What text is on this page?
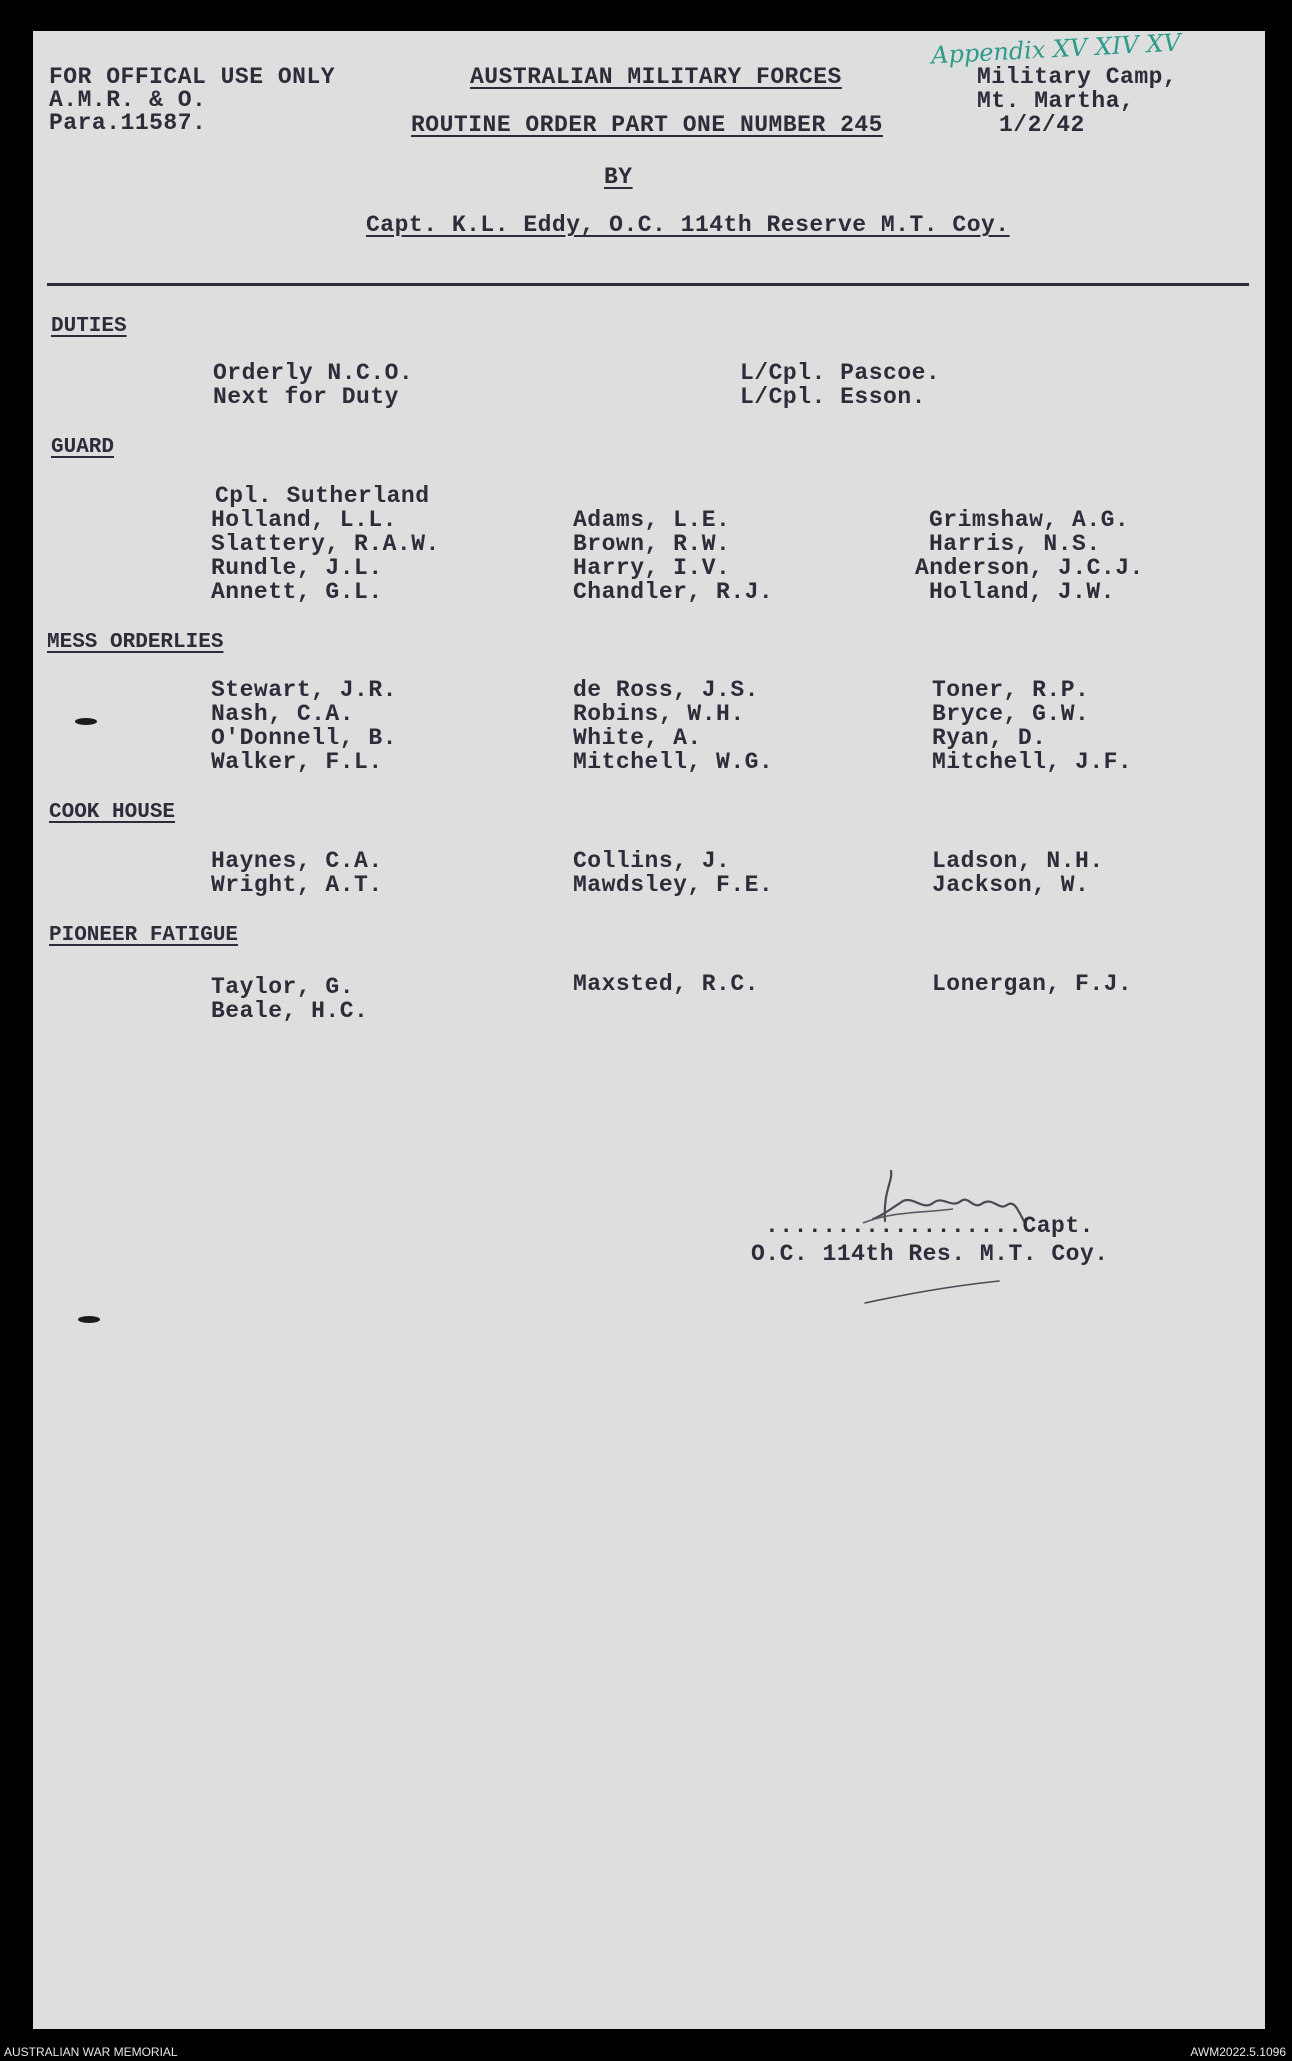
FOR OFFICAL USE ONLY
A.M.R. & O.
Para.11587.
AUSTRALIAN MILITARY FORCES
ROUTINE ORDER PART ONE NUMBER 245
BY
Capt. K.L. Eddy, O.C. 114th Reserve M.T. Coy.
Military Camp,
Mt. Martha,
1/2/42
Appendix XV XIV XV
DUTIES
Orderly N.C.O.
Next for Duty
L/Cpl. Pascoe.
L/Cpl. Esson.
GUARD
Cpl. Sutherland
Holland, L.L.
Slattery, R.A.W.
Rundle, J.L.
Annett, G.L.
Adams, L.E.
Brown, R.W.
Harry, I.V.
Chandler, R.J.
Grimshaw, A.G.
Harris, N.S.
Anderson, J.C.J.
Holland, J.W.
MESS ORDERLIES
Stewart, J.R.
Nash, C.A.
O'Donnell, B.
Walker, F.L.
de Ross, J.S.
Robins, W.H.
White, A.
Mitchell, W.G.
Toner, R.P.
Bryce, G.W.
Ryan, D.
Mitchell, J.F.
COOK HOUSE
Haynes, C.A.
Wright, A.T.
Collins, J.
Mawdsley, F.E.
Ladson, N.H.
Jackson, W.
PIONEER FATIGUE
Taylor, G.
Beale, H.C.
Maxsted, R.C.	Lonergan, F.J.
..................Capt.
O.C. 114th Res. M.T. Coy.
AUSTRALIAN WAR MEMORIAL	AWM2022.5.1096
